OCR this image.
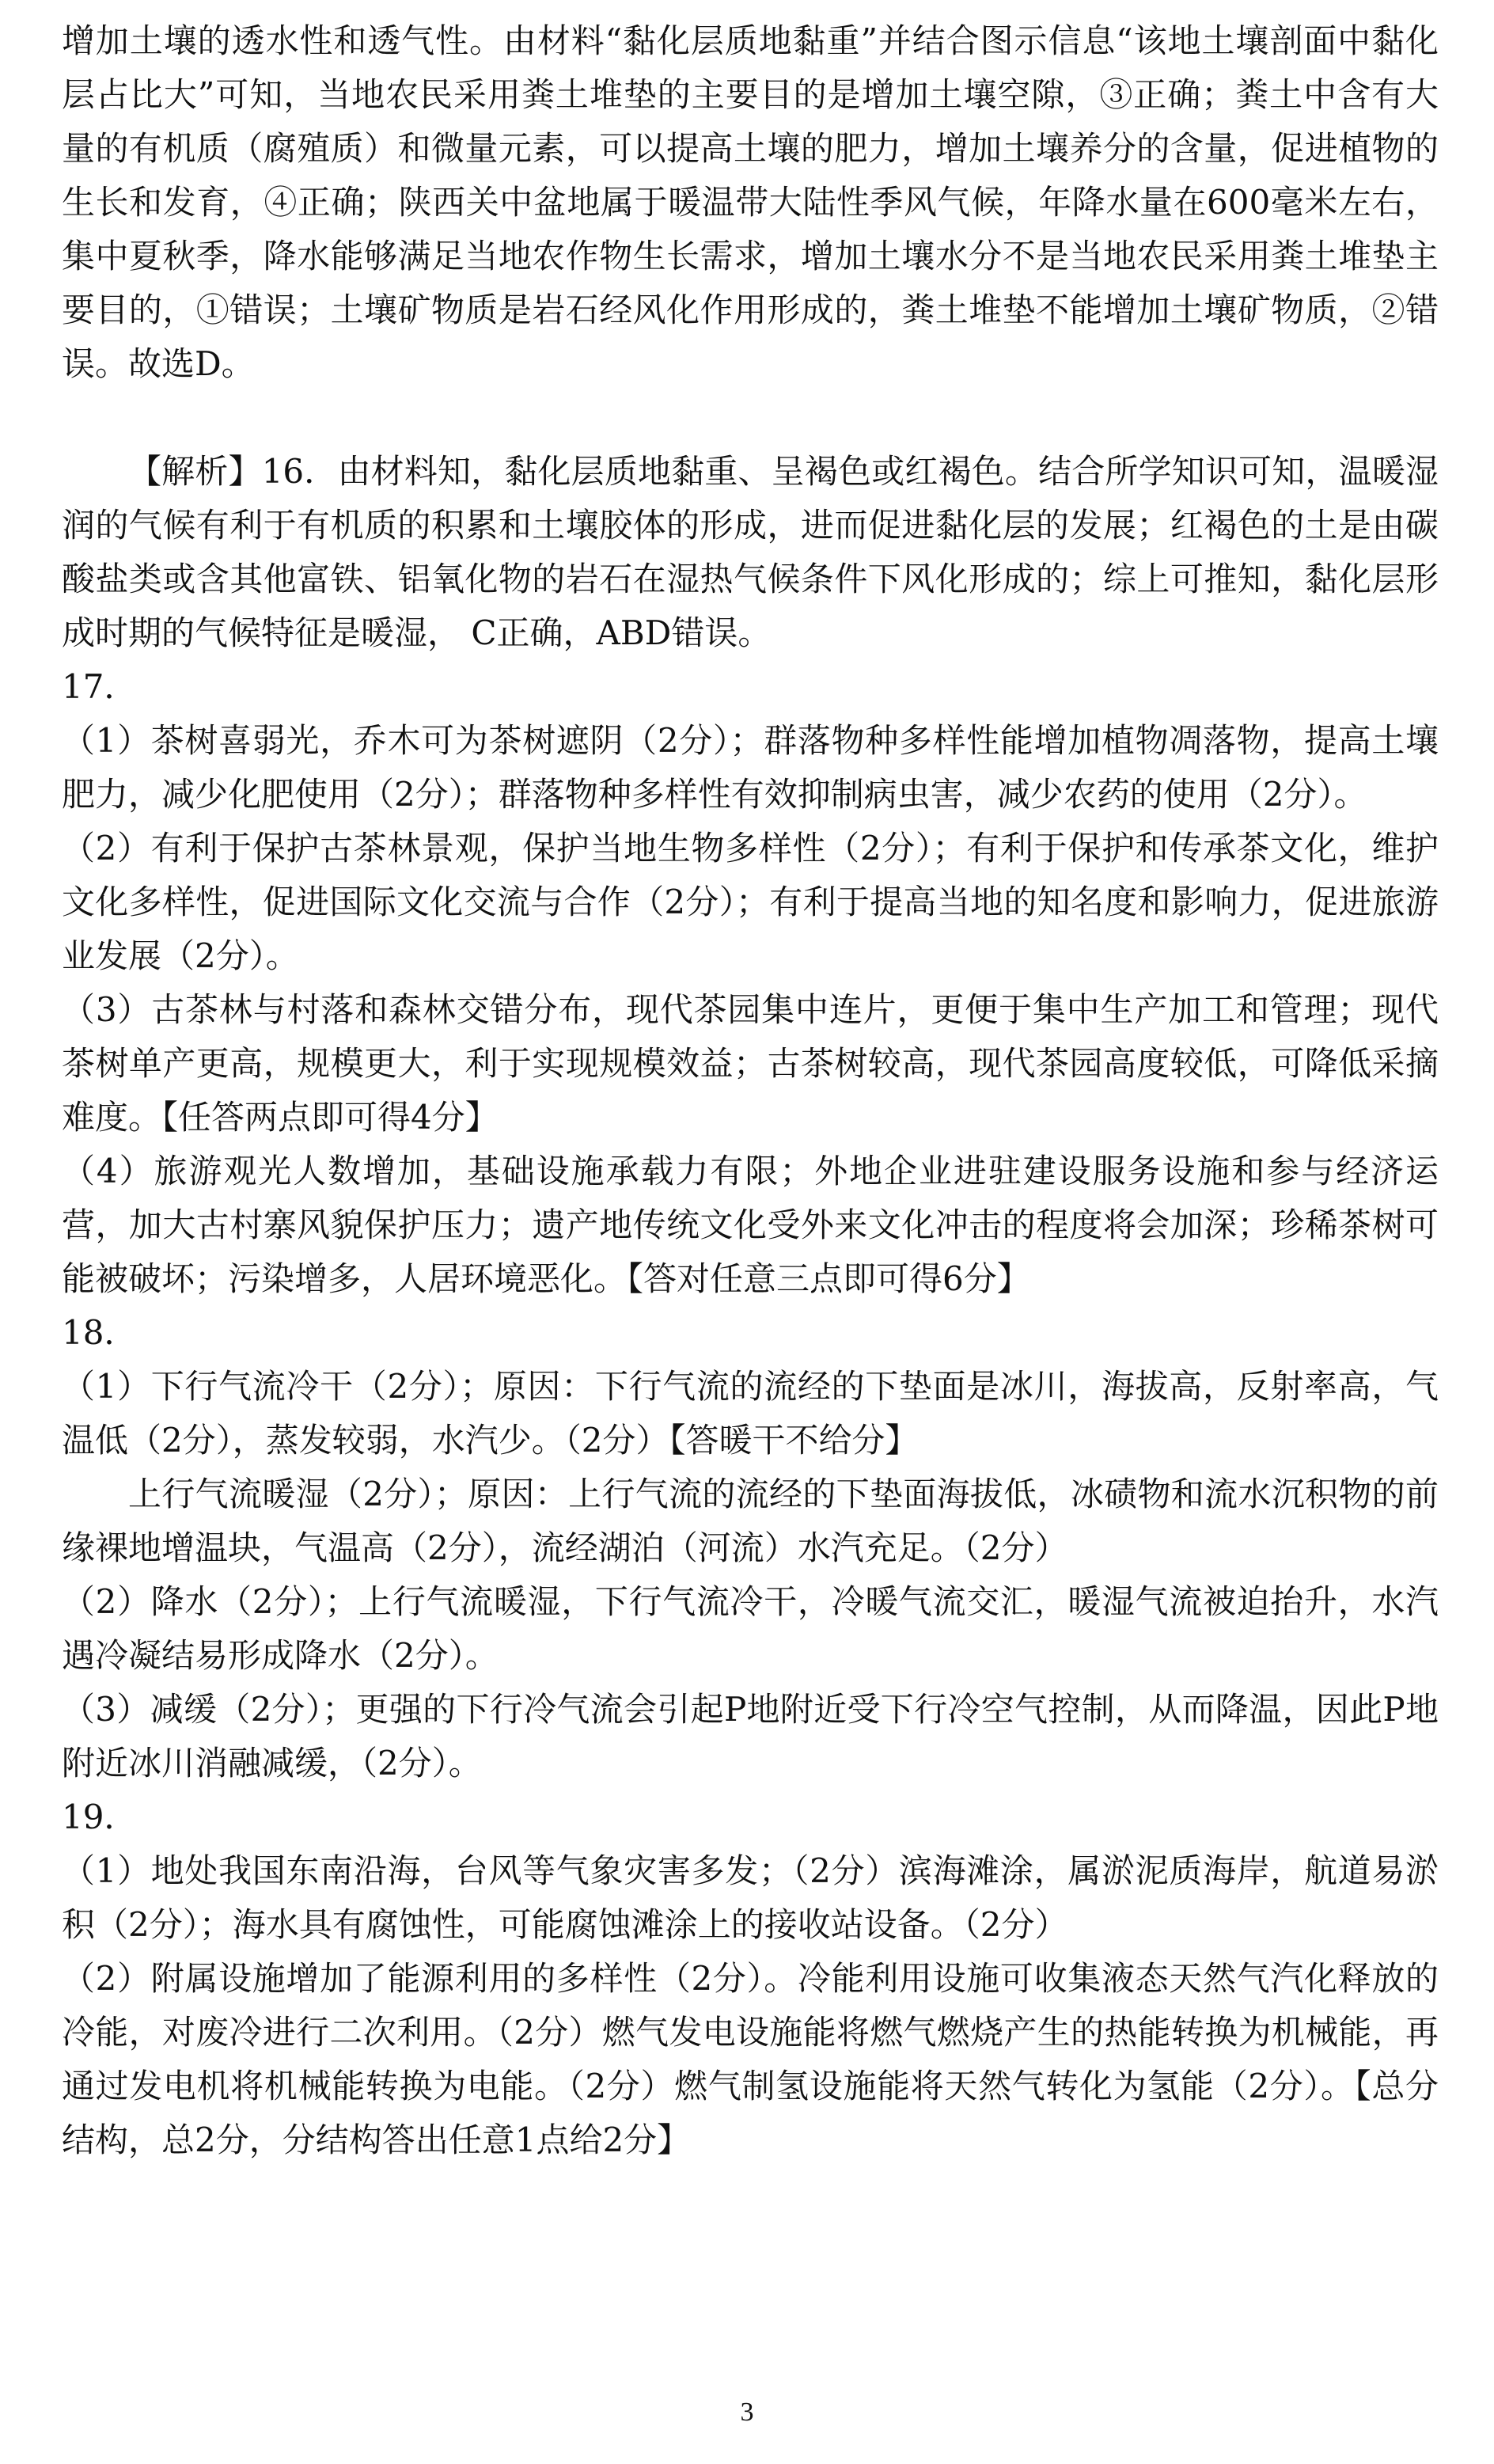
增加土壤的透水性和透气性。由材料“黏化层质地黏重”并结合图示信息“该地土壤剖面中黏化层占比大”可知，当地农民采用粪土堆垫的主要目的是增加土壤空隙，③正确；粪土中含有大量的有机质（腐殖质）和微量元素，可以提高土壤的肥力，增加土壤养分的含量，促进植物的生长和发育，④正确；陕西关中盆地属于暖温带大陆性季风气候，年降水量在600毫米左右，集中夏秋季，降水能够满足当地农作物生长需求，增加土壤水分不是当地农民采用粪土堆垫主要目的，①错误；土壤矿物质是岩石经风化作用形成的，粪土堆垫不能增加土壤矿物质，②错误。故选D。

【解析】16．由材料知，黏化层质地黏重、呈褐色或红褐色。结合所学知识可知，温暖湿润的气候有利于有机质的积累和土壤胶体的形成，进而促进黏化层的发展；红褐色的土是由碳酸盐类或含其他富铁、铝氧化物的岩石在湿热气候条件下风化形成的；综上可推知，黏化层形成时期的气候特征是暖湿， C正确，ABD错误。

17．

（1）茶树喜弱光，乔木可为茶树遮阴（2分）；群落物种多样性能增加植物凋落物，提高土壤肥力，减少化肥使用（2分）；群落物种多样性有效抑制病虫害，减少农药的使用（2分）。

（2）有利于保护古茶林景观，保护当地生物多样性（2分）；有利于保护和传承茶文化，维护文化多样性，促进国际文化交流与合作（2分）；有利于提高当地的知名度和影响力，促进旅游业发展（2分）。

（3）古茶林与村落和森林交错分布，现代茶园集中连片，更便于集中生产加工和管理；现代茶树单产更高，规模更大，利于实现规模效益；古茶树较高，现代茶园高度较低，可降低采摘难度。【任答两点即可得4分】

（4）旅游观光人数增加，基础设施承载力有限；外地企业进驻建设服务设施和参与经济运营，加大古村寨风貌保护压力；遗产地传统文化受外来文化冲击的程度将会加深；珍稀茶树可能被破坏；污染增多，人居环境恶化。【答对任意三点即可得6分】

18．

（1）下行气流冷干（2分）；原因：下行气流的流经的下垫面是冰川，海拔高，反射率高，气温低（2分），蒸发较弱，水汽少。（2分）【答暖干不给分】

上行气流暖湿（2分）；原因：上行气流的流经的下垫面海拔低，冰碛物和流水沉积物的前缘裸地增温块，气温高（2分），流经湖泊（河流）水汽充足。（2分）

（2）降水（2分）；上行气流暖湿，下行气流冷干，冷暖气流交汇，暖湿气流被迫抬升，水汽遇冷凝结易形成降水（2分）。

（3）减缓（2分）；更强的下行冷气流会引起P地附近受下行冷空气控制，从而降温，因此P地附近冰川消融减缓，（2分）。

19．

（1）地处我国东南沿海，台风等气象灾害多发；（2分）滨海滩涂，属淤泥质海岸，航道易淤积（2分）；海水具有腐蚀性，可能腐蚀滩涂上的接收站设备。（2分）

（2）附属设施增加了能源利用的多样性（2分）。冷能利用设施可收集液态天然气汽化释放的冷能，对废冷进行二次利用。（2分）燃气发电设施能将燃气燃烧产生的热能转换为机械能，再通过发电机将机械能转换为电能。（2分）燃气制氢设施能将天然气转化为氢能（2分）。【总分结构，总2分，分结构答出任意1点给2分】

3
